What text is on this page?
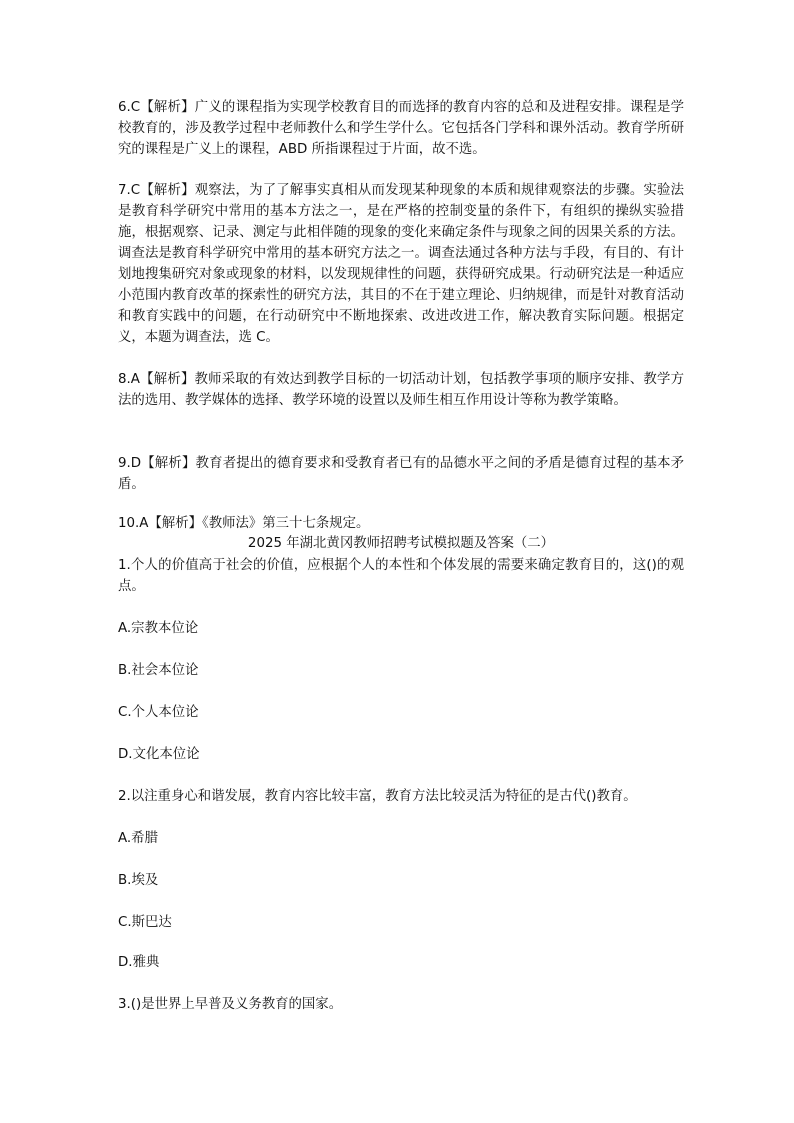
6.C【解析】广义的课程指为实现学校教育目的而选择的教育内容的总和及进程安排。课程是学校教育的，涉及教学过程中老师教什么和学生学什么。它包括各门学科和课外活动。教育学所研究的课程是广义上的课程，ABD 所指课程过于片面，故不选。

7.C【解析】观察法，为了了解事实真相从而发现某种现象的本质和规律观察法的步骤。实验法是教育科学研究中常用的基本方法之一，是在严格的控制变量的条件下，有组织的操纵实验措施，根据观察、记录、测定与此相伴随的现象的变化来确定条件与现象之间的因果关系的方法。调查法是教育科学研究中常用的基本研究方法之一。调查法通过各种方法与手段，有目的、有计划地搜集研究对象或现象的材料，以发现规律性的问题，获得研究成果。行动研究法是一种适应小范围内教育改革的探索性的研究方法，其目的不在于建立理论、归纳规律，而是针对教育活动和教育实践中的问题，在行动研究中不断地探索、改进改进工作，解决教育实际问题。根据定义，本题为调查法，选 C。

8.A【解析】教师采取的有效达到教学目标的一切活动计划，包括教学事项的顺序安排、教学方法的选用、教学媒体的选择、教学环境的设置以及师生相互作用设计等称为教学策略。

9.D【解析】教育者提出的德育要求和受教育者已有的品德水平之间的矛盾是德育过程的基本矛盾。

10.A【解析】《教师法》第三十七条规定。

2025 年湖北黄冈教师招聘考试模拟题及答案（二）

1.个人的价值高于社会的价值，应根据个人的本性和个体发展的需要来确定教育目的，这()的观点。

A.宗教本位论

B.社会本位论

C.个人本位论

D.文化本位论

2.以注重身心和谐发展，教育内容比较丰富，教育方法比较灵活为特征的是古代()教育。

A.希腊

B.埃及

C.斯巴达

D.雅典

3.()是世界上早普及义务教育的国家。
